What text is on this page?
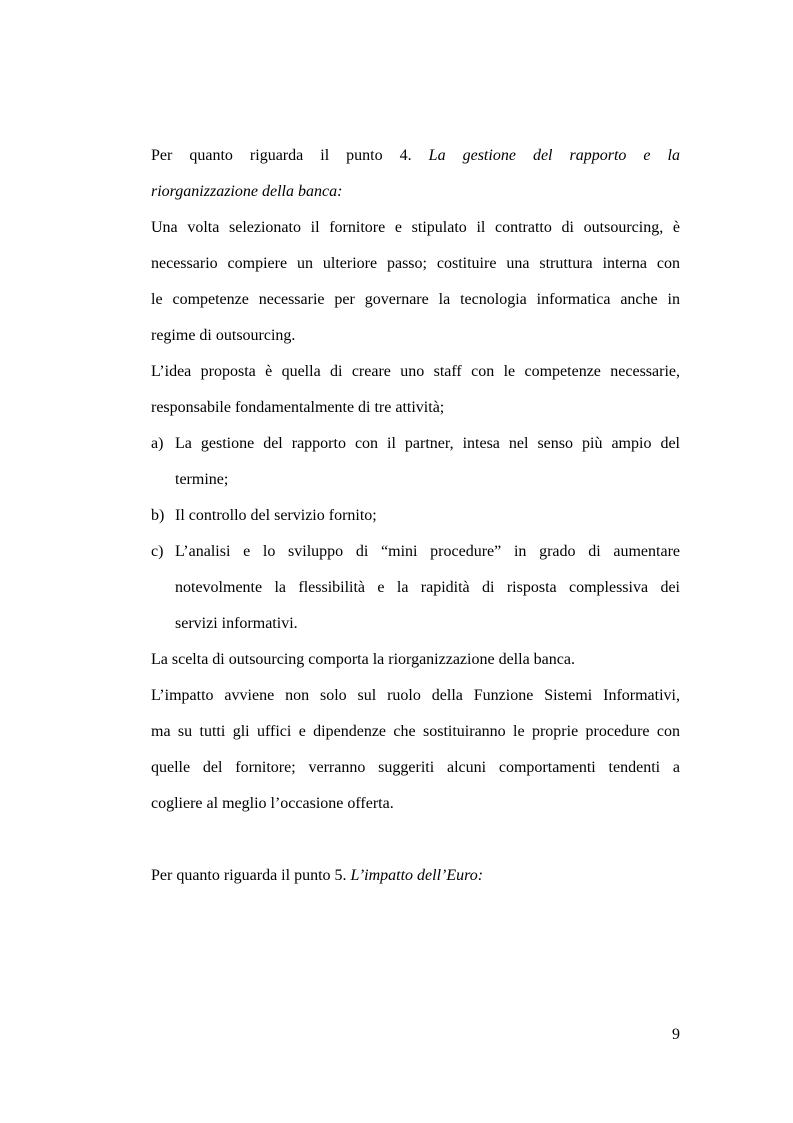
Per quanto riguarda il punto 4. La gestione del rapporto e la
riorganizzazione della banca:
Una volta selezionato il fornitore e stipulato il contratto di outsourcing, è
necessario compiere un ulteriore passo; costituire una struttura interna con
le competenze necessarie per governare la tecnologia informatica anche in
regime di outsourcing.
L’idea proposta è quella di creare uno staff con le competenze necessarie,
responsabile fondamentalmente di tre attività;
a) La gestione del rapporto con il partner, intesa nel senso più ampio del
termine;
b) Il controllo del servizio fornito;
c) L’analisi e lo sviluppo di “mini procedure” in grado di aumentare
notevolmente la flessibilità e la rapidità di risposta complessiva dei
servizi informativi.
La scelta di outsourcing comporta la riorganizzazione della banca.
L’impatto avviene non solo sul ruolo della Funzione Sistemi Informativi,
ma su tutti gli uffici e dipendenze che sostituiranno le proprie procedure con
quelle del fornitore; verranno suggeriti alcuni comportamenti tendenti a
cogliere al meglio l’occasione offerta.
Per quanto riguarda il punto 5. L’impatto dell’Euro:
9
